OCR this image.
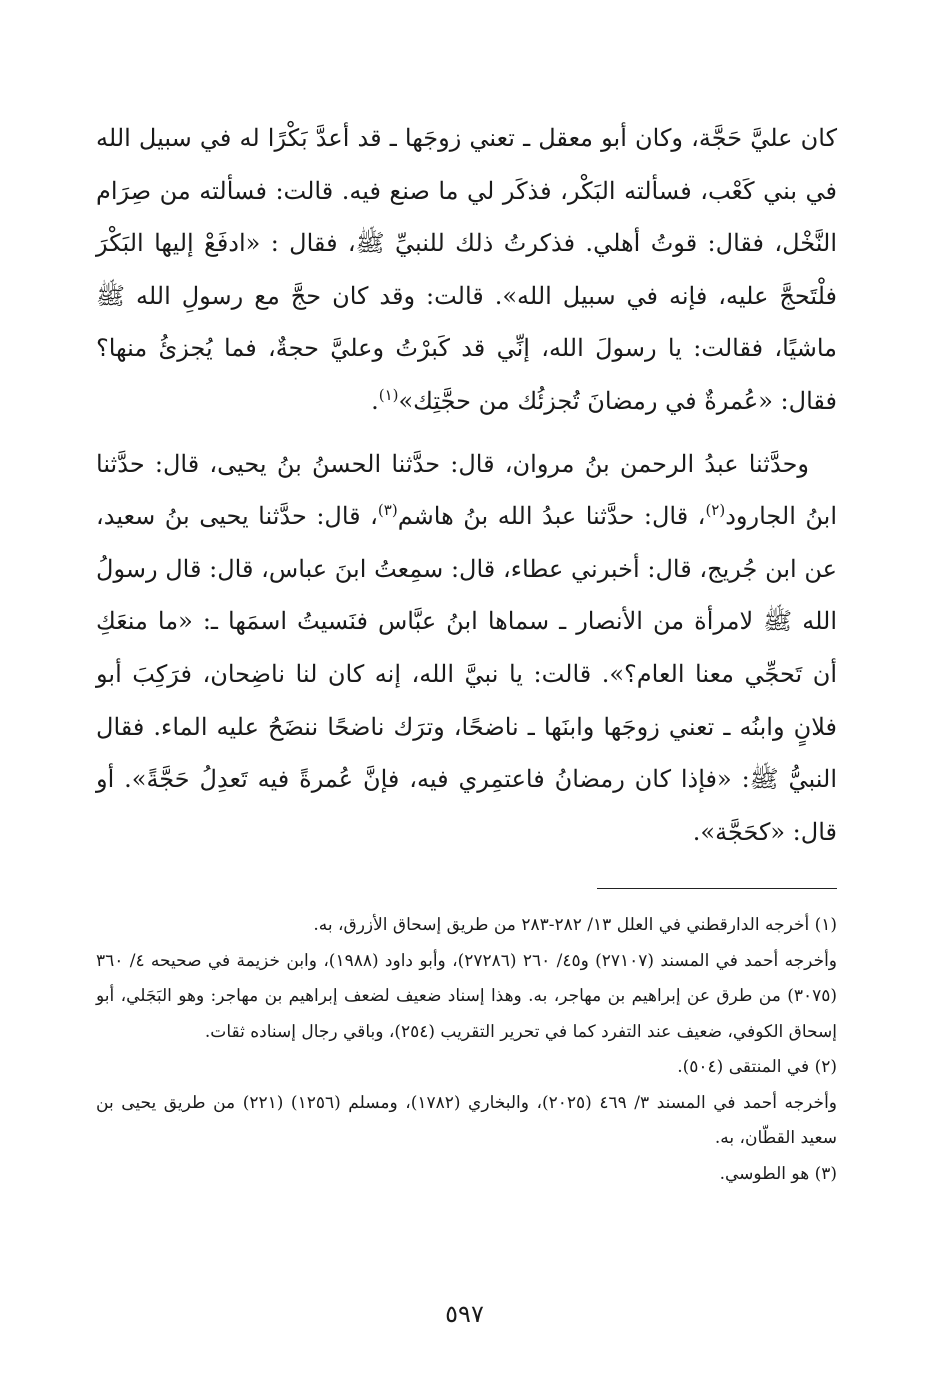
كان عليَّ حَجَّة، وكان أبو معقل ـ تعني زوجَها ـ قد أعدَّ بَكْرًا له في سبيل الله في بني كَعْب، فسألته البَكْر، فذكَر لي ما صنع فيه. قالت: فسألته من صِرَام النَّخْل، فقال: قوتُ أهلي. فذكرتُ ذلك للنبيِّ ﷺ، فقال : «ادفَعْ إليها البَكْرَ فلْتَحجَّ عليه، فإنه في سبيل الله». قالت: وقد كان حجَّ مع رسولِ الله ﷺ ماشيًا، فقالت: يا رسولَ الله، إنِّي قد كَبرْتُ وعليَّ حجةٌ، فما يُجزئُ منها؟ فقال: «عُمرةٌ في رمضانَ تُجزئُك من حجَّتِك»$^{(١)}$.

وحدَّثنا عبدُ الرحمن بنُ مروان، قال: حدَّثنا الحسنُ بنُ يحيى، قال: حدَّثنا ابنُ الجارود$^{(٢)}$، قال: حدَّثنا عبدُ الله بنُ هاشم$^{(٣)}$، قال: حدَّثنا يحيى بنُ سعيد، عن ابن جُريج، قال: أخبرني عطاء، قال: سمِعتُ ابنَ عباس، قال: قال رسولُ الله ﷺ لامرأة من الأنصار ـ سماها ابنُ عبَّاس فنَسيتُ اسمَها ـ: «ما منعَكِ أن تَحجِّي معنا العام؟». قالت: يا نبيَّ الله، إنه كان لنا ناضِحان، فرَكِبَ أبو فلانٍ وابنُه ـ تعني زوجَها وابنَها ـ ناضحًا، وترَك ناضحًا ننضَحُ عليه الماء. فقال النبيُّ ﷺ: «فإذا كان رمضانُ فاعتمِري فيه، فإنَّ عُمرةً فيه تَعدِلُ حَجَّةً». أو قال: «كحَجَّة».

(١) أخرجه الدارقطني في العلل ١٣/ ٢٨٢-٢٨٣ من طريق إسحاق الأزرق، به.

وأخرجه أحمد في المسند (٢٧١٠٧) و٤٥/ ٢٦٠ (٢٧٢٨٦)، وأبو داود (١٩٨٨)، وابن خزيمة في صحيحه ٤/ ٣٦٠ (٣٠٧٥) من طرق عن إبراهيم بن مهاجر، به. وهذا إسناد ضعيف لضعف إبراهيم بن مهاجر: وهو البَجَلي، أبو إسحاق الكوفي، ضعيف عند التفرد كما في تحرير التقريب (٢٥٤)، وباقي رجال إسناده ثقات.

(٢) في المنتقى (٥٠٤).

وأخرجه أحمد في المسند ٣/ ٤٦٩ (٢٠٢٥)، والبخاري (١٧٨٢)، ومسلم (١٢٥٦) (٢٢١) من طريق يحيى بن سعيد القطّان، به.

(٣) هو الطوسي.

٥٩٧
